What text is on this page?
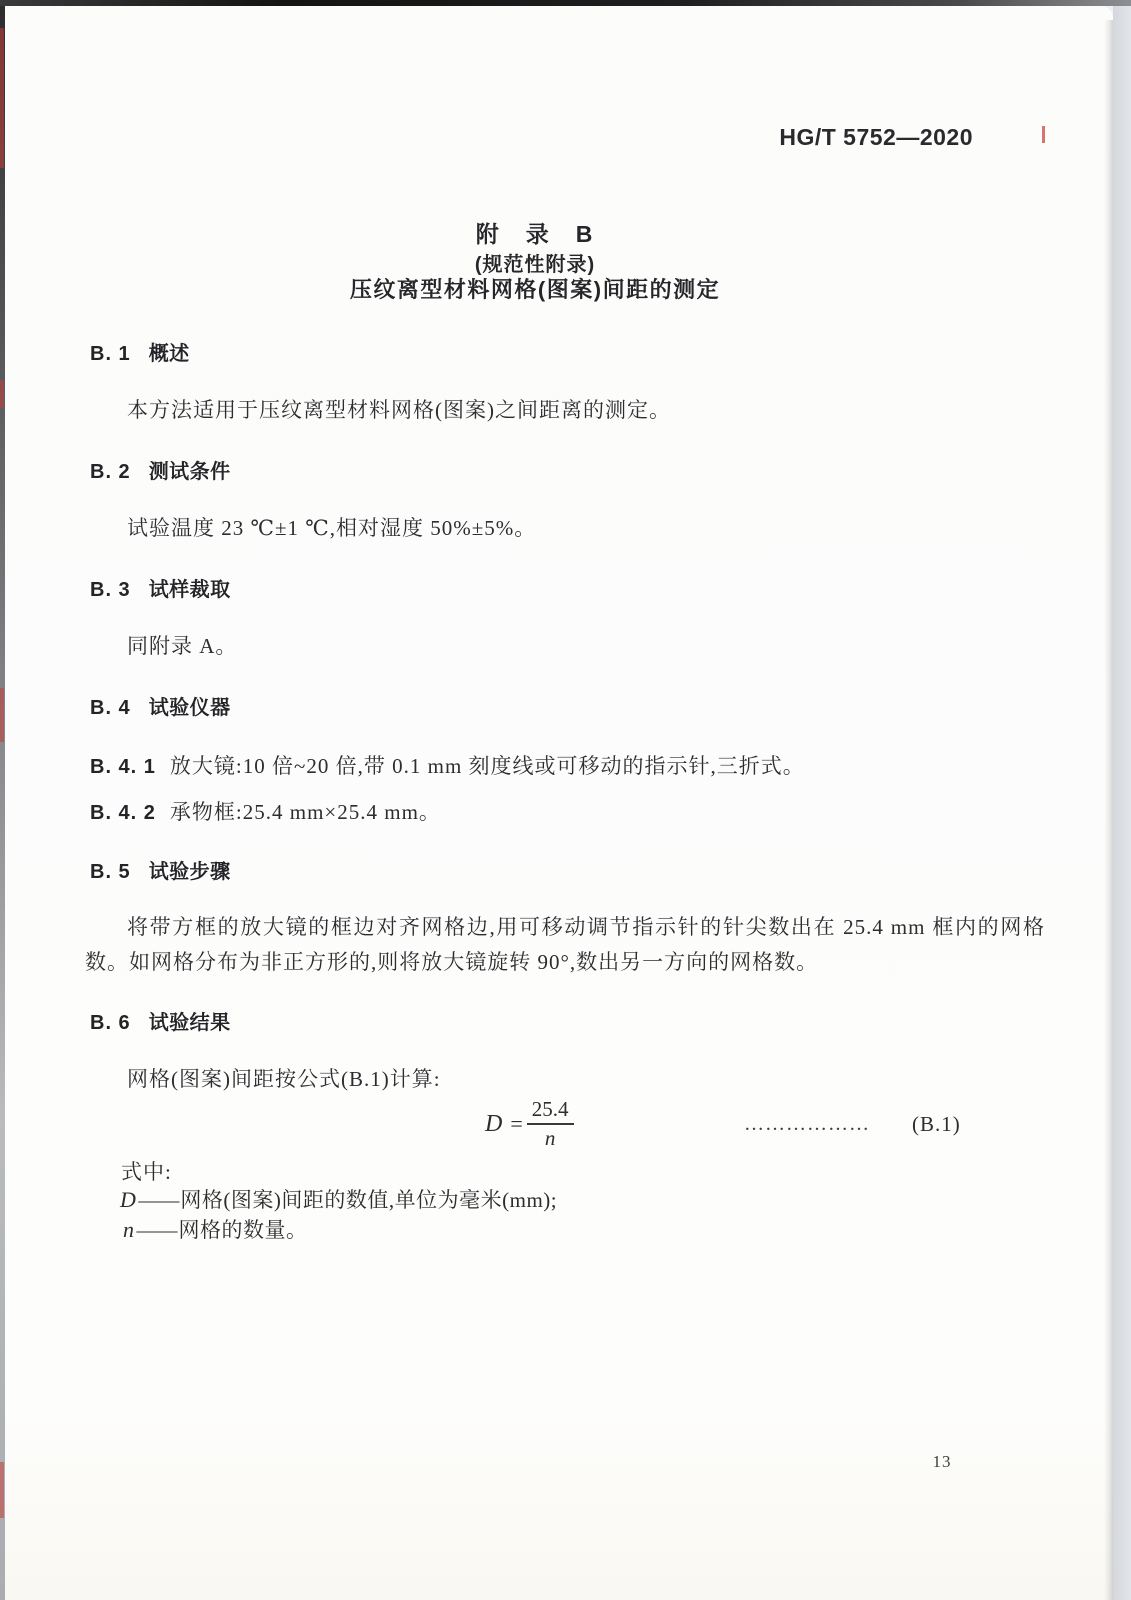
HG/T 5752—2020
附　录　B
(规范性附录)
压纹离型材料网格(图案)间距的测定
B. 1 概述
本方法适用于压纹离型材料网格(图案)之间距离的测定。
B. 2 测试条件
试验温度 23 ℃±1 ℃,相对湿度 50%±5%。
B. 3 试样裁取
同附录 A。
B. 4 试验仪器
B. 4. 1 放大镜:10 倍~20 倍,带 0.1 mm 刻度线或可移动的指示针,三折式。
B. 4. 2 承物框:25.4 mm×25.4 mm。
B. 5 试验步骤
将带方框的放大镜的框边对齐网格边,用可移动调节指示针的针尖数出在 25.4 mm 框内的网格数。如网格分布为非正方形的,则将放大镜旋转 90°,数出另一方向的网格数。
B. 6 试验结果
网格(图案)间距按公式(B.1)计算:
$D = \frac{25.4}{n}$	……………… (B.1)
式中:
D —— 网格(图案)间距的数值,单位为毫米(mm);
n —— 网格的数量。
13
